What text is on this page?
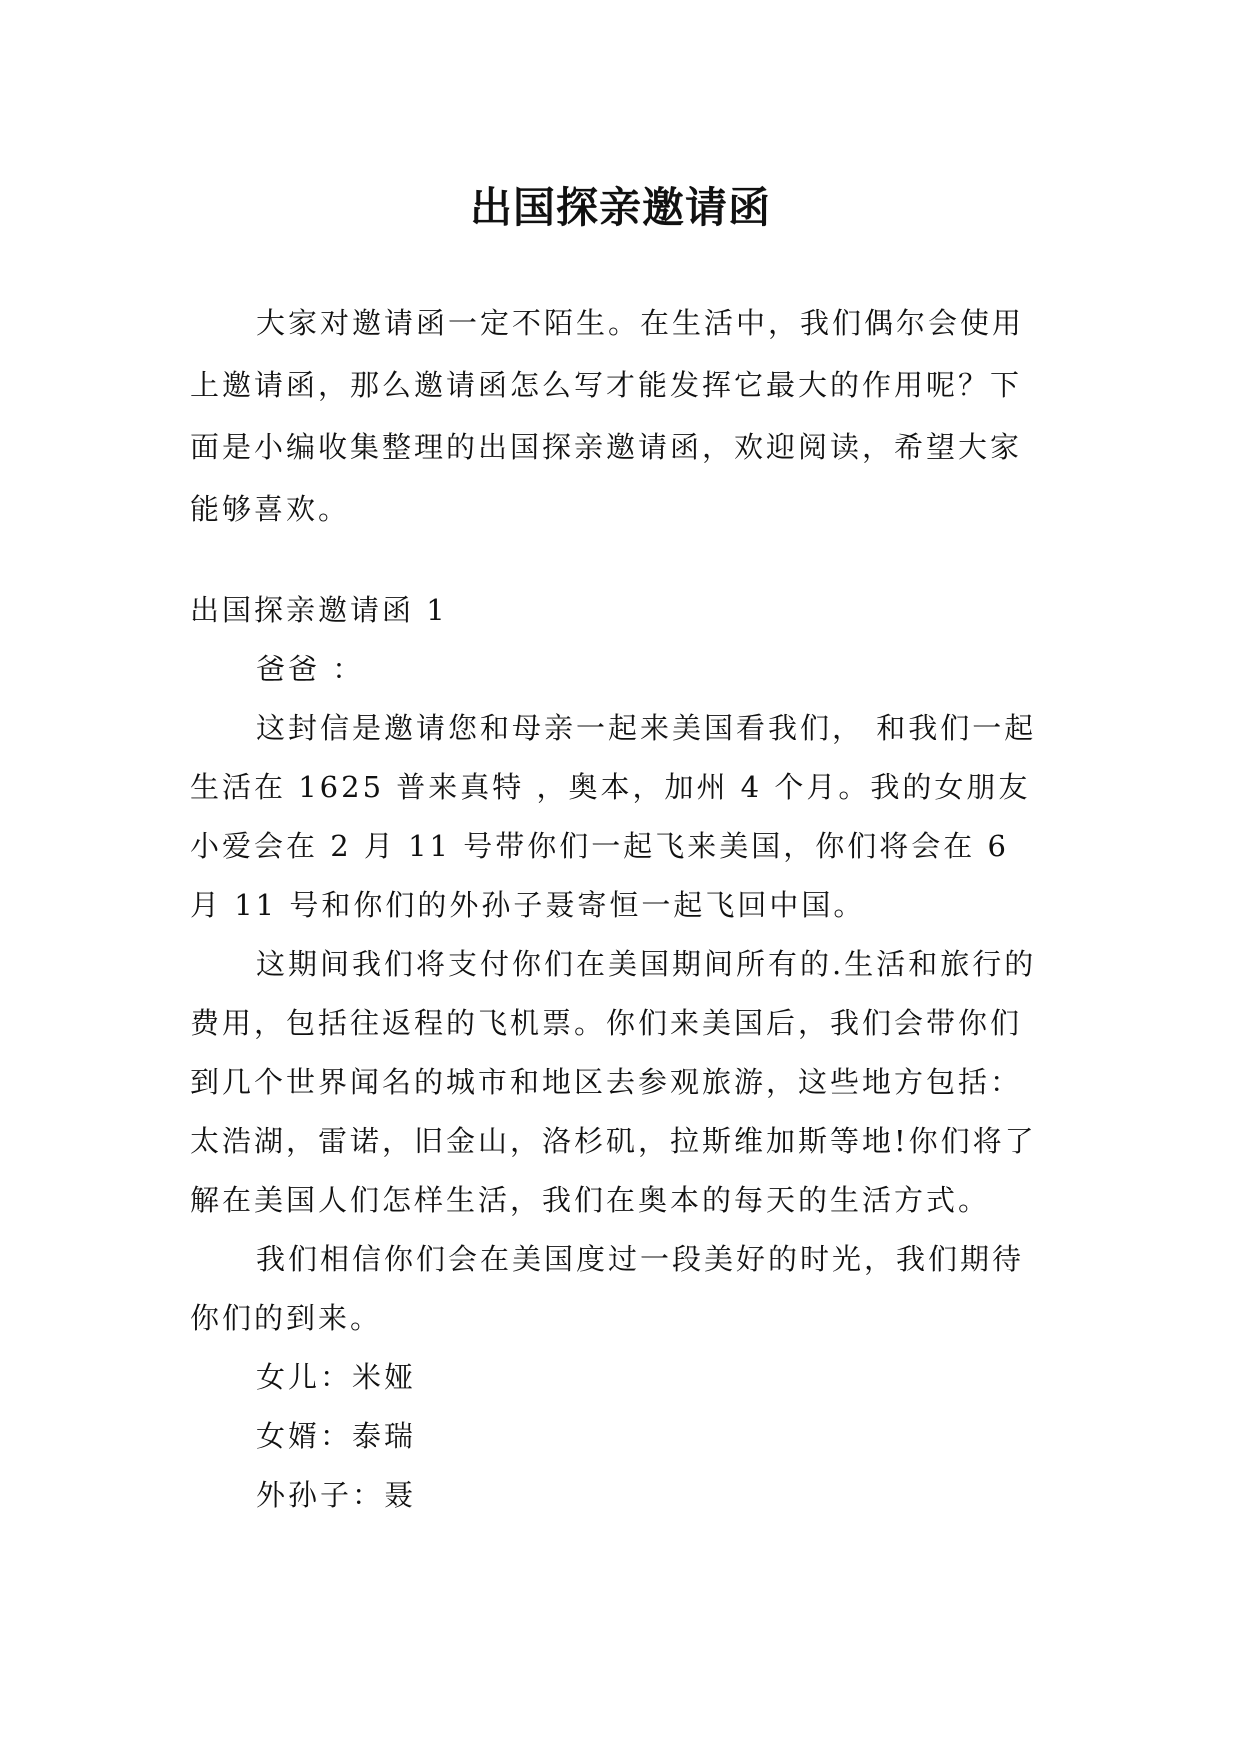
出国探亲邀请函

大家对邀请函一定不陌生。在生活中，我们偶尔会使用上邀请函，那么邀请函怎么写才能发挥它最大的作用呢？下面是小编收集整理的出国探亲邀请函，欢迎阅读，希望大家能够喜欢。

出国探亲邀请函 1

爸爸 ：

这封信是邀请您和母亲一起来美国看我们， 和我们一起生活在 1625 普来真特 ，奥本，加州 4 个月。我的女朋友小爱会在 2 月 11 号带你们一起飞来美国，你们将会在 6 月 11 号和你们的外孙子聂寄恒一起飞回中国。

这期间我们将支付你们在美国期间所有的.生活和旅行的费用，包括往返程的飞机票。你们来美国后，我们会带你们到几个世界闻名的城市和地区去参观旅游，这些地方包括：太浩湖，雷诺，旧金山，洛杉矶，拉斯维加斯等地!你们将了解在美国人们怎样生活，我们在奥本的每天的生活方式。

我们相信你们会在美国度过一段美好的时光，我们期待你们的到来。

女儿：米娅

女婿：泰瑞

外孙子：聂
